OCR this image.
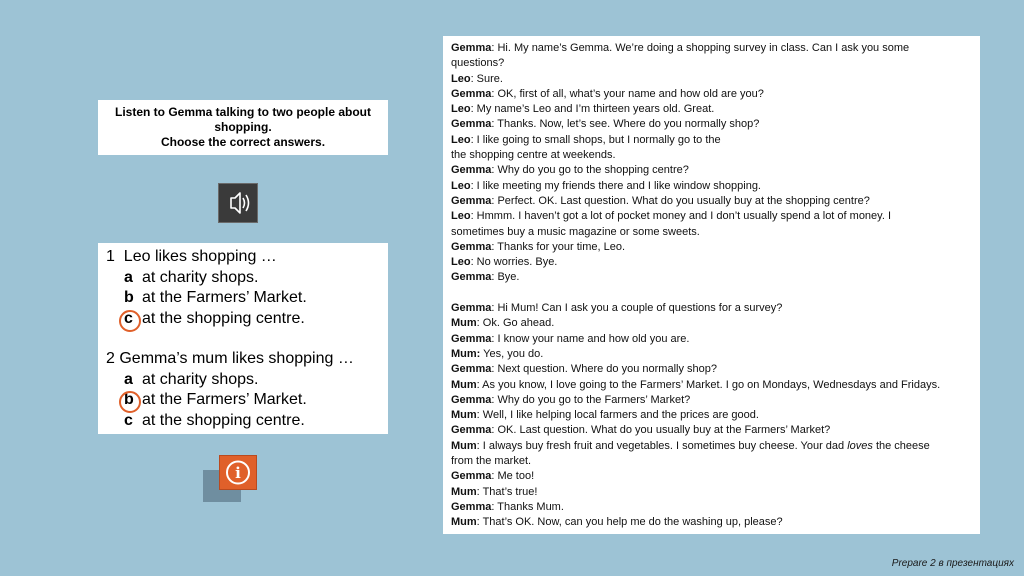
Listen to Gemma talking to two people about
shopping.
Choose the correct answers.
1 Leo likes shopping …
a at charity shops.
b at the Farmers’ Market.
c at the shopping centre.
2 Gemma’s mum likes shopping …
a at charity shops.
b at the Farmers’ Market.
c at the shopping centre.
i

Gemma: Hi. My name’s Gemma. We’re doing a shopping survey in class. Can I ask you some

questions?

Leo: Sure.

Gemma: OK, first of all, what’s your name and how old are you?

Leo: My name’s Leo and I’m thirteen years old. Great.

Gemma: Thanks. Now, let’s see. Where do you normally shop?

Leo: I like going to small shops, but I normally go to the

the shopping centre at weekends.

Gemma: Why do you go to the shopping centre?

Leo: I like meeting my friends there and I like window shopping.

Gemma: Perfect. OK. Last question. What do you usually buy at the shopping centre?

Leo: Hmmm. I haven’t got a lot of pocket money and I don’t usually spend a lot of money. I

sometimes buy a music magazine or some sweets.

Gemma: Thanks for your time, Leo.

Leo: No worries. Bye.

Gemma: Bye.

Gemma: Hi Mum! Can I ask you a couple of questions for a survey?

Mum: Ok. Go ahead.

Gemma: I know your name and how old you are.

Mum: Yes, you do.

Gemma: Next question. Where do you normally shop?

Mum: As you know, I love going to the Farmers’ Market. I go on Mondays, Wednesdays and Fridays.

Gemma: Why do you go to the Farmers’ Market?

Mum: Well, I like helping local farmers and the prices are good.

Gemma: OK. Last question. What do you usually buy at the Farmers’ Market?

Mum: I always buy fresh fruit and vegetables. I sometimes buy cheese. Your dad loves the cheese

from the market.

Gemma: Me too!

Mum: That’s true!

Gemma: Thanks Mum.

Mum: That’s OK. Now, can you help me do the washing up, please?

Prepare 2 в презентациях
